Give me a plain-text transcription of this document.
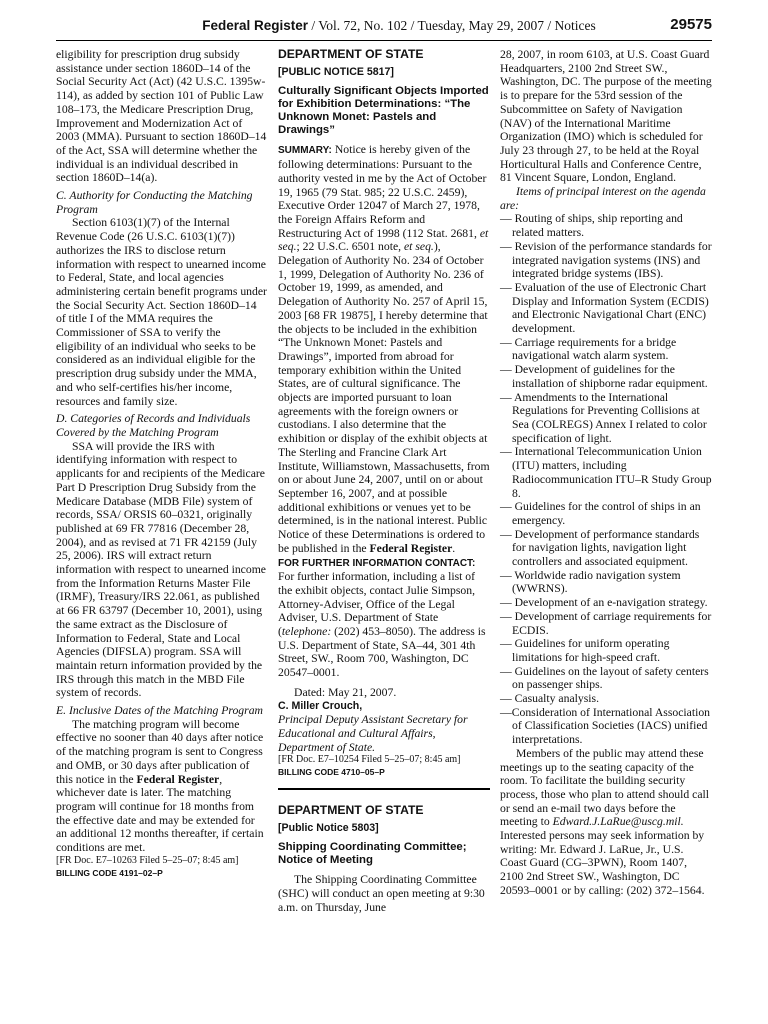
Federal Register / Vol. 72, No. 102 / Tuesday, May 29, 2007 / Notices	29575

eligibility for prescription drug subsidy assistance under section 1860D–14 of the Social Security Act (Act) (42 U.S.C. 1395w-114), as added by section 101 of Public Law 108–173, the Medicare Prescription Drug, Improvement and Modernization Act of 2003 (MMA). Pursuant to section 1860D–14 of the Act, SSA will determine whether the individual is an individual described in section 1860D–14(a).

C. Authority for Conducting the Matching Program

Section 6103(1)(7) of the Internal Revenue Code (26 U.S.C. 6103(1)(7)) authorizes the IRS to disclose return information with respect to unearned income to Federal, State, and local agencies administering certain benefit programs under the Social Security Act. Section 1860D–14 of title I of the MMA requires the Commissioner of SSA to verify the eligibility of an individual who seeks to be considered as an individual eligible for the prescription drug subsidy under the MMA, and who self-certifies his/her income, resources and family size.

D. Categories of Records and Individuals Covered by the Matching Program

SSA will provide the IRS with identifying information with respect to applicants for and recipients of the Medicare Part D Prescription Drug Subsidy from the Medicare Database (MDB File) system of records, SSA/ ORSIS 60–0321, originally published at 69 FR 77816 (December 28, 2004), and as revised at 71 FR 42159 (July 25, 2006). IRS will extract return information with respect to unearned income from the Information Returns Master File (IRMF), Treasury/IRS 22.061, as published at 66 FR 63797 (December 10, 2001), using the same extract as the Disclosure of Information to Federal, State and Local Agencies (DIFSLA) program. SSA will maintain return information provided by the IRS through this match in the MBD File system of records.

E. Inclusive Dates of the Matching Program

The matching program will become effective no sooner than 40 days after notice of the matching program is sent to Congress and OMB, or 30 days after publication of this notice in the Federal Register, whichever date is later. The matching program will continue for 18 months from the effective date and may be extended for an additional 12 months thereafter, if certain conditions are met.

[FR Doc. E7–10263 Filed 5–25–07; 8:45 am]

BILLING CODE 4191–02–P

DEPARTMENT OF STATE

[PUBLIC NOTICE 5817]

Culturally Significant Objects Imported for Exhibition Determinations: “The Unknown Monet: Pastels and Drawings”

SUMMARY: Notice is hereby given of the following determinations: Pursuant to the authority vested in me by the Act of October 19, 1965 (79 Stat. 985; 22 U.S.C. 2459), Executive Order 12047 of March 27, 1978, the Foreign Affairs Reform and Restructuring Act of 1998 (112 Stat. 2681, et seq.; 22 U.S.C. 6501 note, et seq.), Delegation of Authority No. 234 of October 1, 1999, Delegation of Authority No. 236 of October 19, 1999, as amended, and Delegation of Authority No. 257 of April 15, 2003 [68 FR 19875], I hereby determine that the objects to be included in the exhibition “The Unknown Monet: Pastels and Drawings”, imported from abroad for temporary exhibition within the United States, are of cultural significance. The objects are imported pursuant to loan agreements with the foreign owners or custodians. I also determine that the exhibition or display of the exhibit objects at The Sterling and Francine Clark Art Institute, Williamstown, Massachusetts, from on or about June 24, 2007, until on or about September 16, 2007, and at possible additional exhibitions or venues yet to be determined, is in the national interest. Public Notice of these Determinations is ordered to be published in the Federal Register.

FOR FURTHER INFORMATION CONTACT: For further information, including a list of the exhibit objects, contact Julie Simpson, Attorney-Adviser, Office of the Legal Adviser, U.S. Department of State (telephone: (202) 453–8050). The address is U.S. Department of State, SA–44, 301 4th Street, SW., Room 700, Washington, DC 20547–0001.

Dated: May 21, 2007.

C. Miller Crouch,

Principal Deputy Assistant Secretary for Educational and Cultural Affairs, Department of State.

[FR Doc. E7–10254 Filed 5–25–07; 8:45 am]

BILLING CODE 4710–05–P

DEPARTMENT OF STATE

[Public Notice 5803]

Shipping Coordinating Committee; Notice of Meeting

The Shipping Coordinating Committee (SHC) will conduct an open meeting at 9:30 a.m. on Thursday, June

28, 2007, in room 6103, at U.S. Coast Guard Headquarters, 2100 2nd Street SW., Washington, DC. The purpose of the meeting is to prepare for the 53rd session of the Subcommittee on Safety of Navigation (NAV) of the International Maritime Organization (IMO) which is scheduled for July 23 through 27, to be held at the Royal Horticultural Halls and Conference Centre, 81 Vincent Square, London, England.

Items of principal interest on the agenda are:

— Routing of ships, ship reporting and related matters.

— Revision of the performance standards for integrated navigation systems (INS) and integrated bridge systems (IBS).

— Evaluation of the use of Electronic Chart Display and Information System (ECDIS) and Electronic Navigational Chart (ENC) development.

— Carriage requirements for a bridge navigational watch alarm system.

— Development of guidelines for the installation of shipborne radar equipment.

— Amendments to the International Regulations for Preventing Collisions at Sea (COLREGS) Annex I related to color specification of light.

— International Telecommunication Union (ITU) matters, including Radiocommunication ITU–R Study Group 8.

— Guidelines for the control of ships in an emergency.

— Development of performance standards for navigation lights, navigation light controllers and associated equipment.

— Worldwide radio navigation system (WWRNS).

— Development of an e-navigation strategy.

— Development of carriage requirements for ECDIS.

— Guidelines for uniform operating limitations for high-speed craft.

— Guidelines on the layout of safety centers on passenger ships.

— Casualty analysis.

—Consideration of International Association of Classification Societies (IACS) unified interpretations.

Members of the public may attend these meetings up to the seating capacity of the room. To facilitate the building security process, those who plan to attend should call or send an e-mail two days before the meeting to Edward.J.LaRue@uscg.mil. Interested persons may seek information by writing: Mr. Edward J. LaRue, Jr., U.S. Coast Guard (CG–3PWN), Room 1407, 2100 2nd Street SW., Washington, DC 20593–0001 or by calling: (202) 372–1564.
